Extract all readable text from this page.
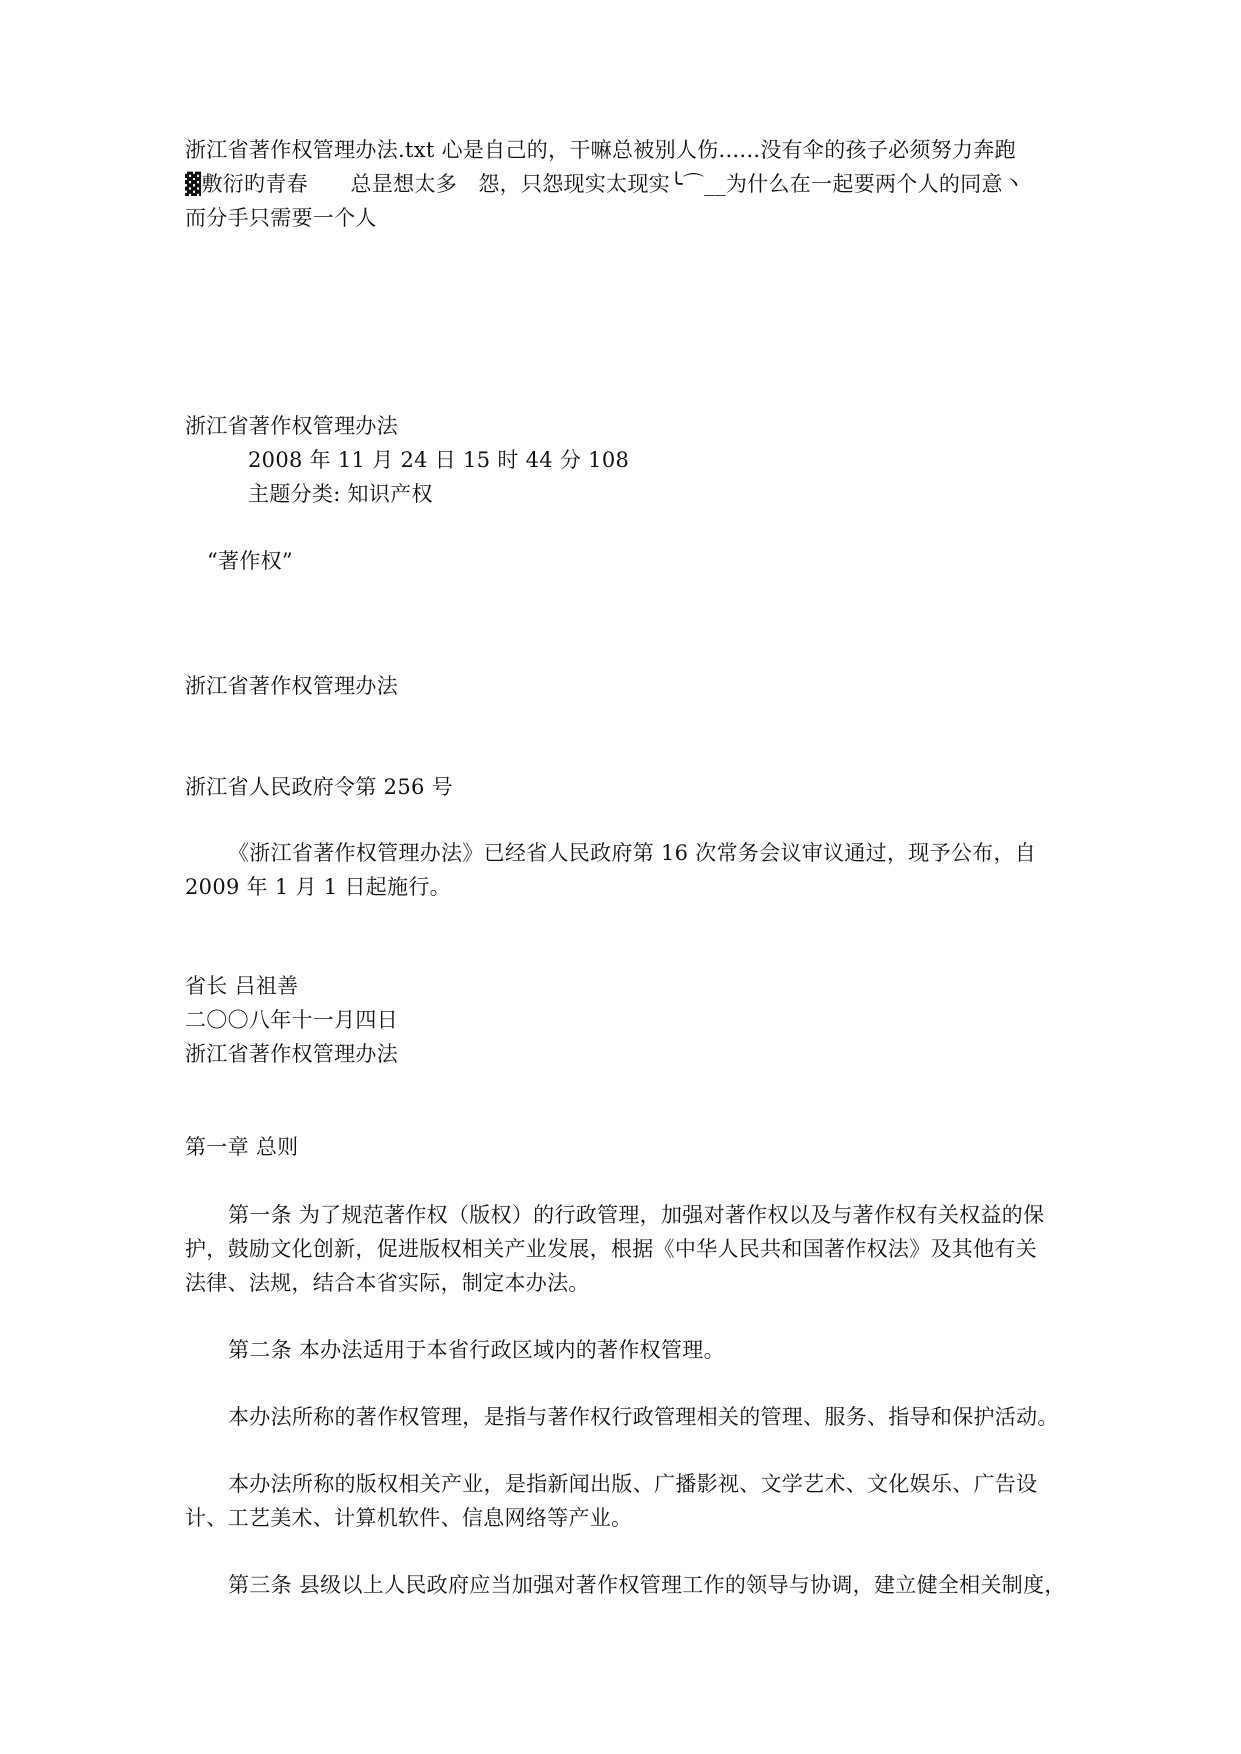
浙江省著作权管理办法.txt 心是自己的，干嘛总被别人伤......没有伞的孩子必须努力奔跑
▓敷衍旳青春　　总昰想太多　怨，只怨现实太现实╰⌒__为什么在一起要两个人的同意丶
而分手只需要一个人
浙江省著作权管理办法
2008 年 11 月 24 日 15 时 44 分 108
主题分类: 知识产权
“著作权”
浙江省著作权管理办法
浙江省人民政府令第 256 号
《浙江省著作权管理办法》已经省人民政府第 16 次常务会议审议通过，现予公布，自
2009 年 1 月 1 日起施行。
省长 吕祖善
二〇〇八年十一月四日
浙江省著作权管理办法
第一章 总则
第一条 为了规范著作权（版权）的行政管理，加强对著作权以及与著作权有关权益的保
护，鼓励文化创新，促进版权相关产业发展，根据《中华人民共和国著作权法》及其他有关
法律、法规，结合本省实际，制定本办法。
第二条 本办法适用于本省行政区域内的著作权管理。
本办法所称的著作权管理，是指与著作权行政管理相关的管理、服务、指导和保护活动。
本办法所称的版权相关产业，是指新闻出版、广播影视、文学艺术、文化娱乐、广告设
计、工艺美术、计算机软件、信息网络等产业。
第三条 县级以上人民政府应当加强对著作权管理工作的领导与协调，建立健全相关制度，
